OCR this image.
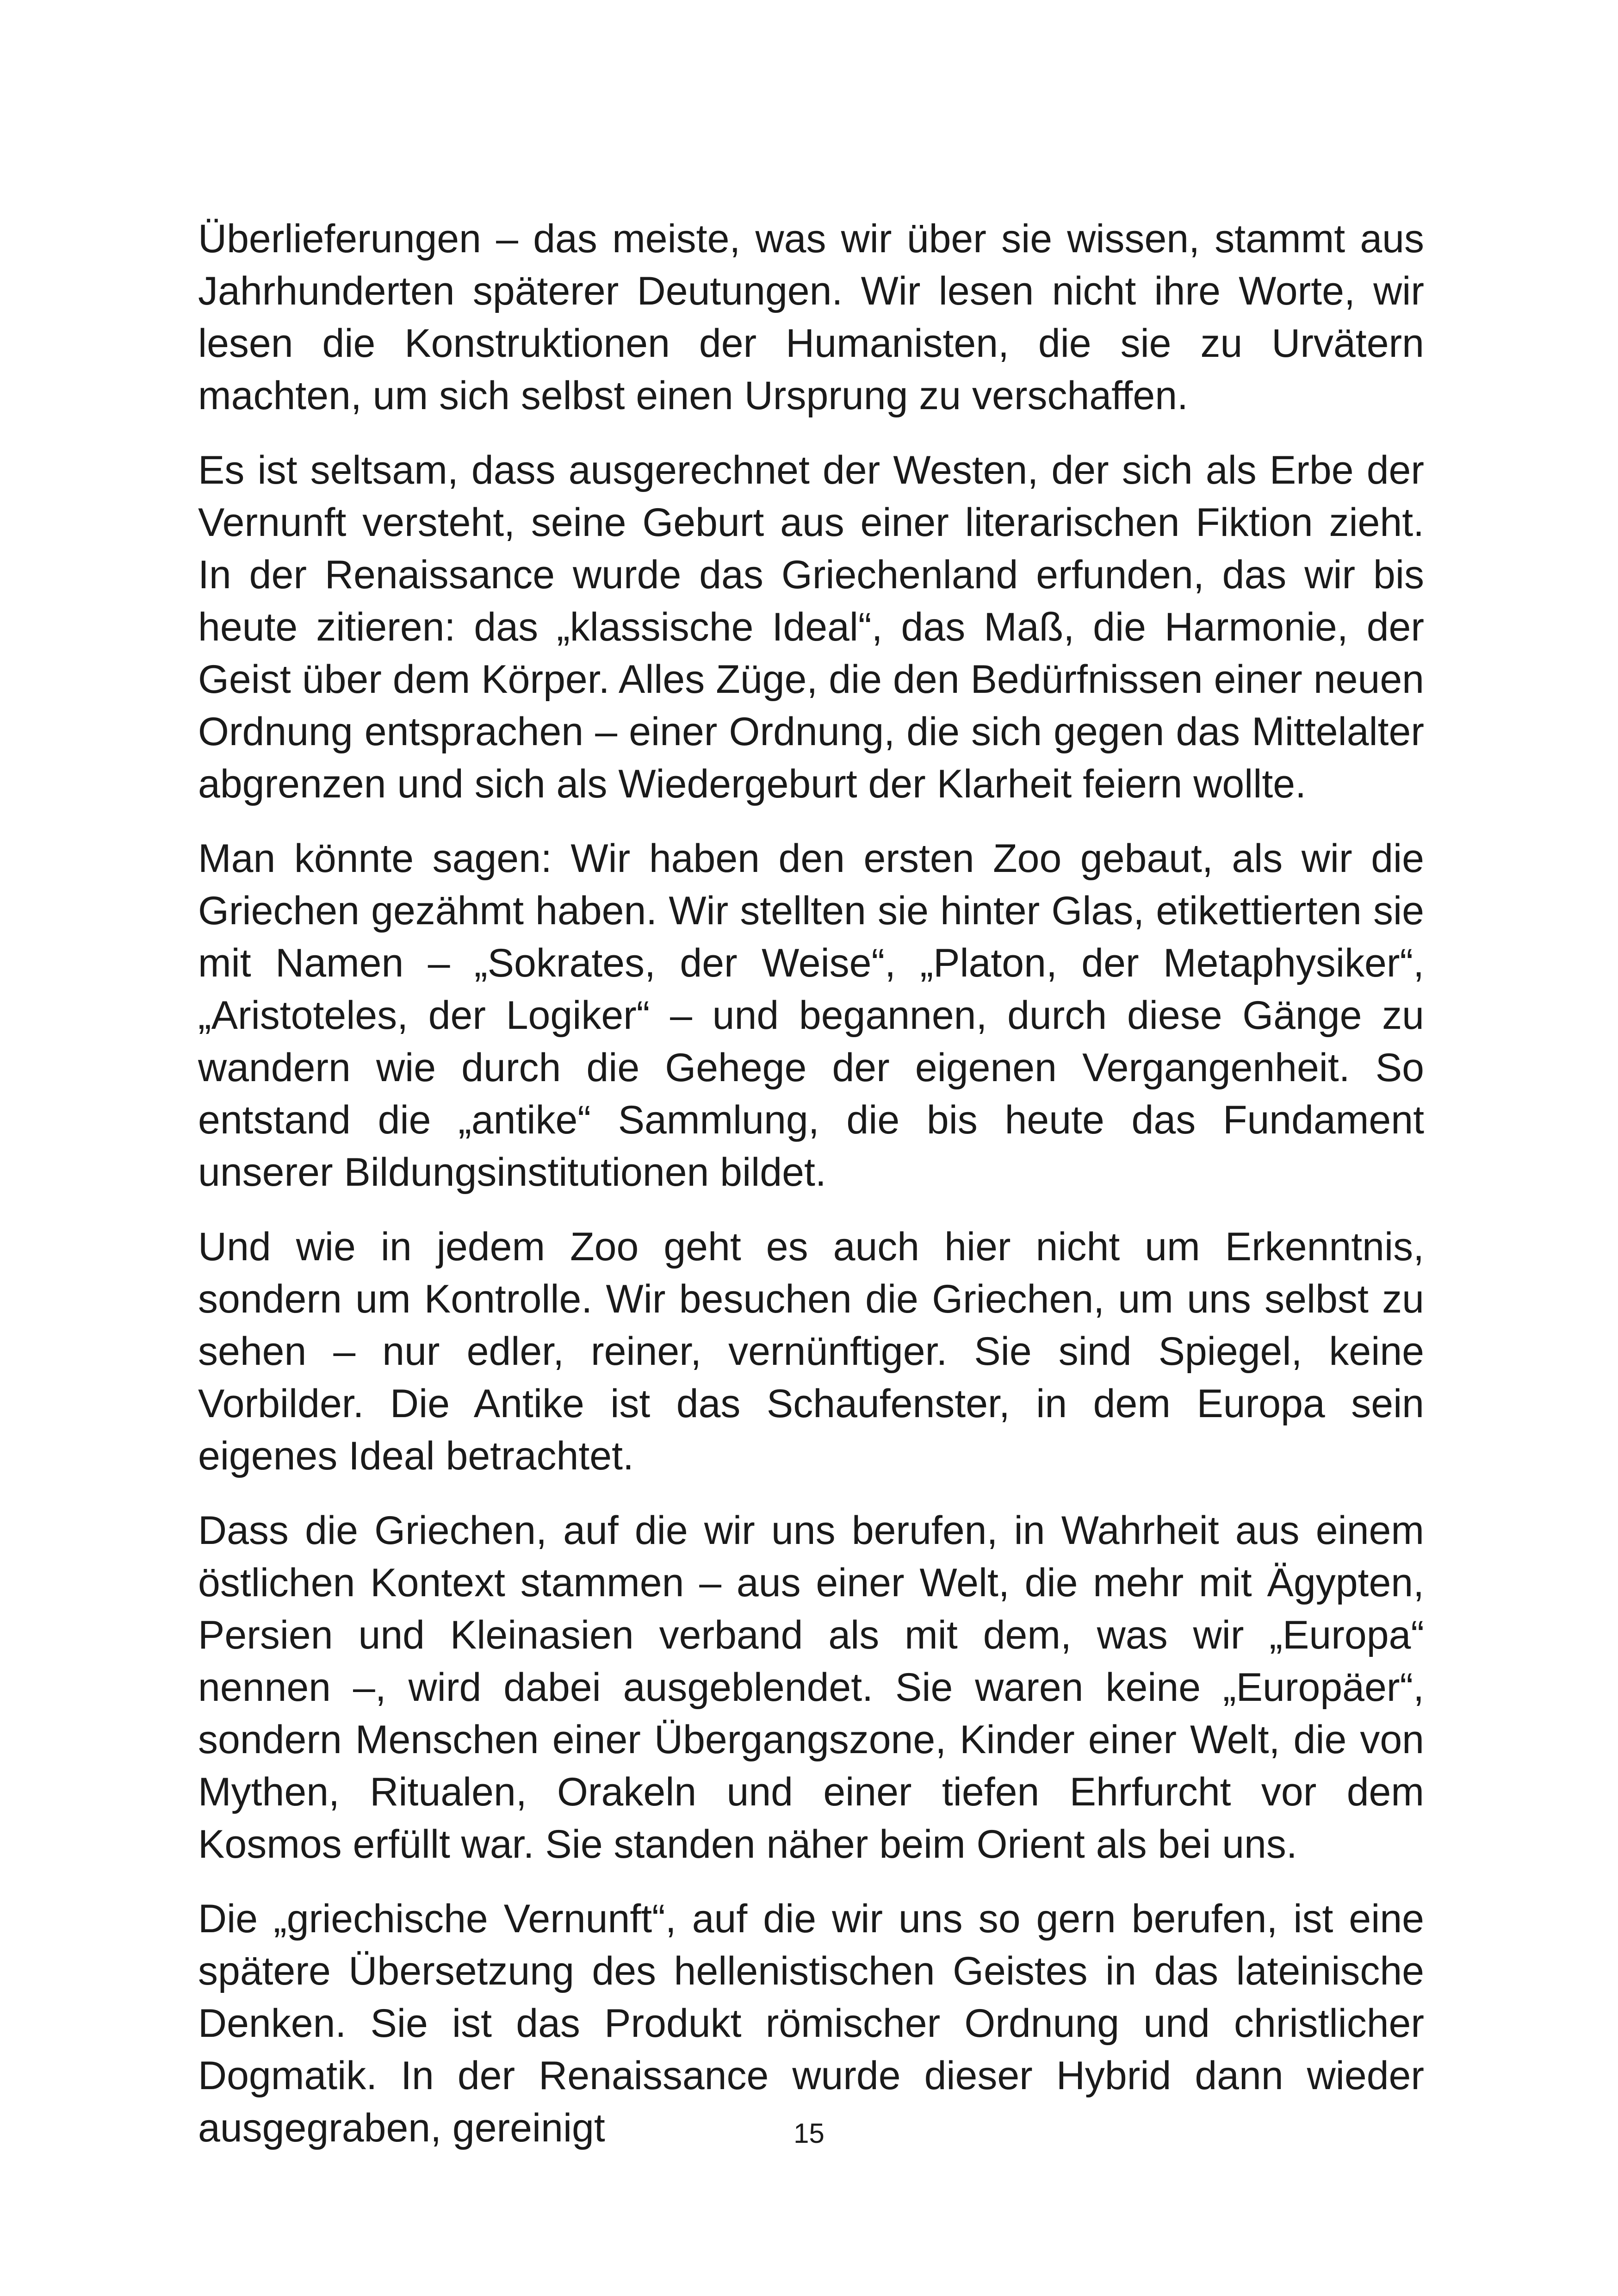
Überlieferungen – das meiste, was wir über sie wissen, stammt aus Jahrhunderten späterer Deutungen. Wir lesen nicht ihre Worte, wir lesen die Konstruktionen der Humanisten, die sie zu Urvätern machten, um sich selbst einen Ursprung zu verschaffen.

Es ist seltsam, dass ausgerechnet der Westen, der sich als Erbe der Vernunft versteht, seine Geburt aus einer literarischen Fiktion zieht. In der Renaissance wurde das Griechenland erfunden, das wir bis heute zitieren: das „klassische Ideal“, das Maß, die Harmonie, der Geist über dem Körper. Alles Züge, die den Bedürfnissen einer neuen Ordnung entsprachen – einer Ordnung, die sich gegen das Mittelalter abgrenzen und sich als Wiedergeburt der Klarheit feiern wollte.

Man könnte sagen: Wir haben den ersten Zoo gebaut, als wir die Griechen gezähmt haben. Wir stellten sie hinter Glas, etikettierten sie mit Namen – „Sokrates, der Weise“, „Platon, der Metaphysiker“, „Aristoteles, der Logiker“ – und begannen, durch diese Gänge zu wandern wie durch die Gehege der eigenen Vergangenheit. So entstand die „antike“ Sammlung, die bis heute das Fundament unserer Bildungsinstitutionen bildet.

Und wie in jedem Zoo geht es auch hier nicht um Erkenntnis, sondern um Kontrolle. Wir besuchen die Griechen, um uns selbst zu sehen – nur edler, reiner, vernünftiger. Sie sind Spiegel, keine Vorbilder. Die Antike ist das Schaufenster, in dem Europa sein eigenes Ideal betrachtet.

Dass die Griechen, auf die wir uns berufen, in Wahrheit aus einem östlichen Kontext stammen – aus einer Welt, die mehr mit Ägypten, Persien und Kleinasien verband als mit dem, was wir „Europa“ nennen –, wird dabei ausgeblendet. Sie waren keine „Europäer“, sondern Menschen einer Übergangszone, Kinder einer Welt, die von Mythen, Ritualen, Orakeln und einer tiefen Ehrfurcht vor dem Kosmos erfüllt war. Sie standen näher beim Orient als bei uns.

Die „griechische Vernunft“, auf die wir uns so gern berufen, ist eine spätere Übersetzung des hellenistischen Geistes in das lateinische Denken. Sie ist das Produkt römischer Ordnung und christlicher Dogmatik. In der Renaissance wurde dieser Hybrid dann wieder ausgegraben, gereinigt	15
